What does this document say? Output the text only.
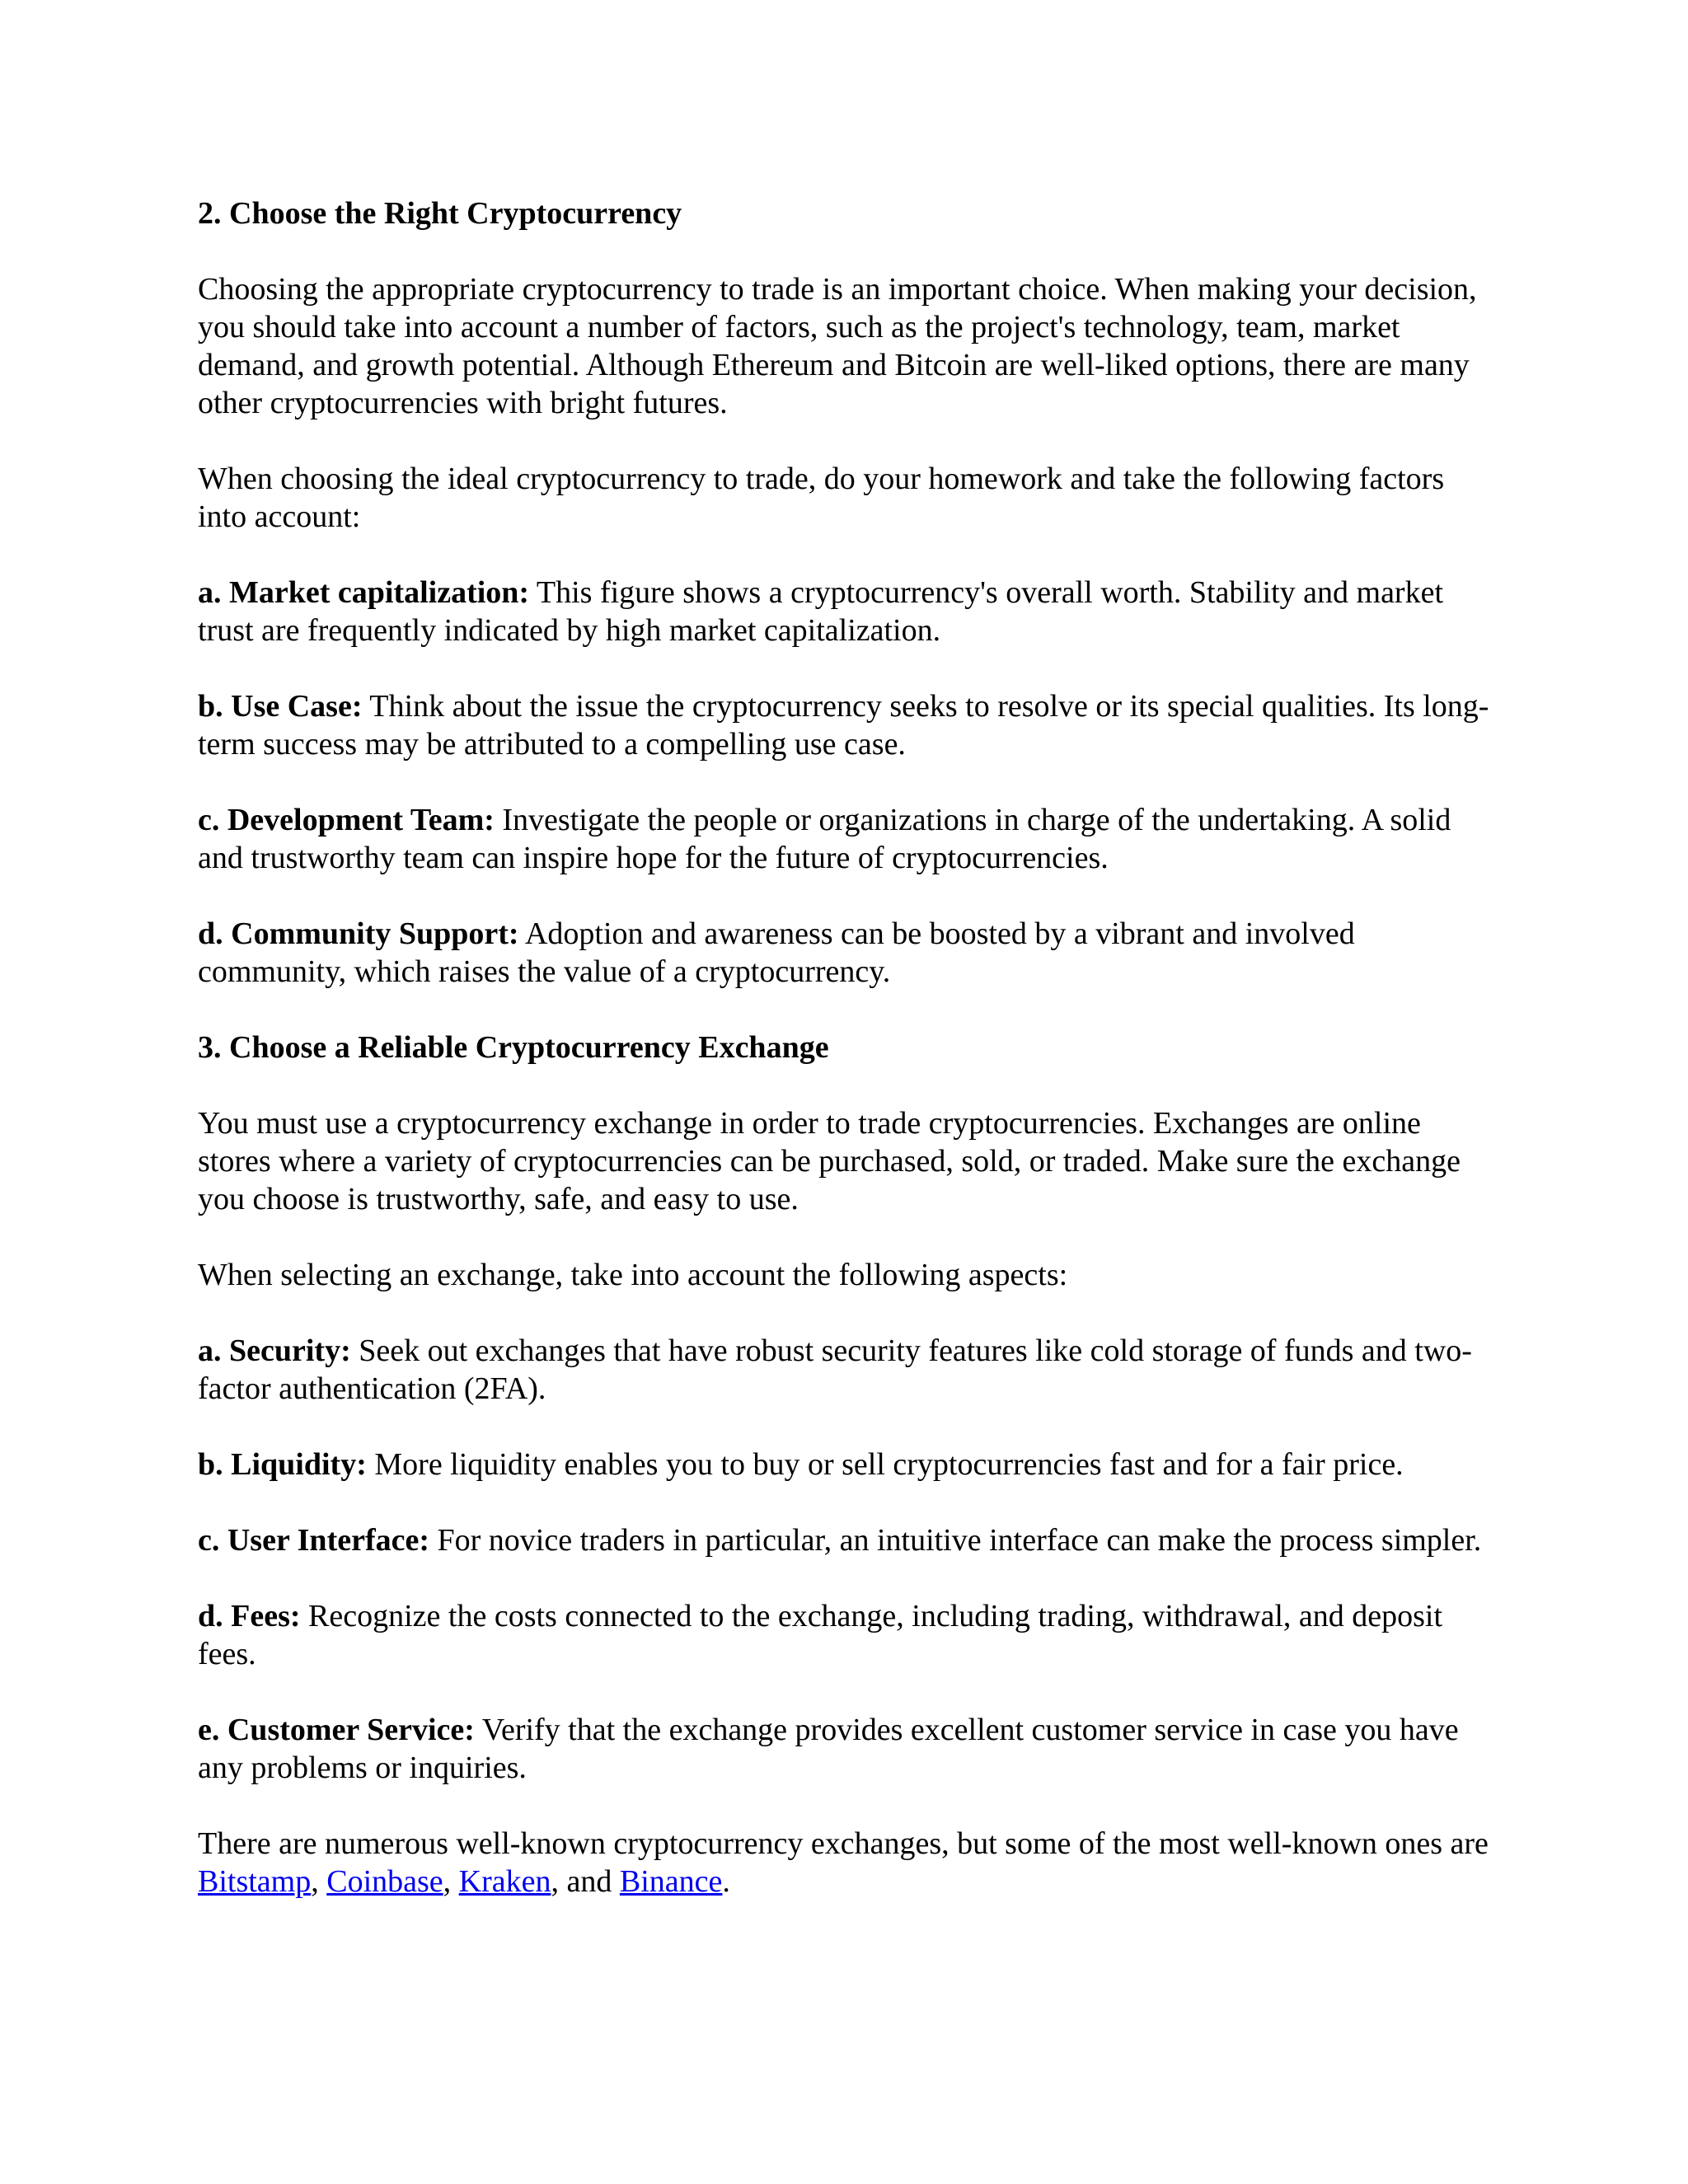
2. Choose the Right Cryptocurrency

Choosing the appropriate cryptocurrency to trade is an important choice. When making your decision, you should take into account a number of factors, such as the project's technology, team, market demand, and growth potential. Although Ethereum and Bitcoin are well-liked options, there are many other cryptocurrencies with bright futures.

When choosing the ideal cryptocurrency to trade, do your homework and take the following factors into account:

a. Market capitalization: This figure shows a cryptocurrency's overall worth. Stability and market trust are frequently indicated by high market capitalization.

b. Use Case: Think about the issue the cryptocurrency seeks to resolve or its special qualities. Its long-term success may be attributed to a compelling use case.

c. Development Team: Investigate the people or organizations in charge of the undertaking. A solid and trustworthy team can inspire hope for the future of cryptocurrencies.

d. Community Support: Adoption and awareness can be boosted by a vibrant and involved community, which raises the value of a cryptocurrency.

3. Choose a Reliable Cryptocurrency Exchange

You must use a cryptocurrency exchange in order to trade cryptocurrencies. Exchanges are online stores where a variety of cryptocurrencies can be purchased, sold, or traded. Make sure the exchange you choose is trustworthy, safe, and easy to use.

When selecting an exchange, take into account the following aspects:

a. Security: Seek out exchanges that have robust security features like cold storage of funds and two-factor authentication (2FA).

b. Liquidity: More liquidity enables you to buy or sell cryptocurrencies fast and for a fair price.

c. User Interface: For novice traders in particular, an intuitive interface can make the process simpler.

d. Fees: Recognize the costs connected to the exchange, including trading, withdrawal, and deposit fees.

e. Customer Service: Verify that the exchange provides excellent customer service in case you have any problems or inquiries.

There are numerous well-known cryptocurrency exchanges, but some of the most well-known ones are Bitstamp, Coinbase, Kraken, and Binance.
